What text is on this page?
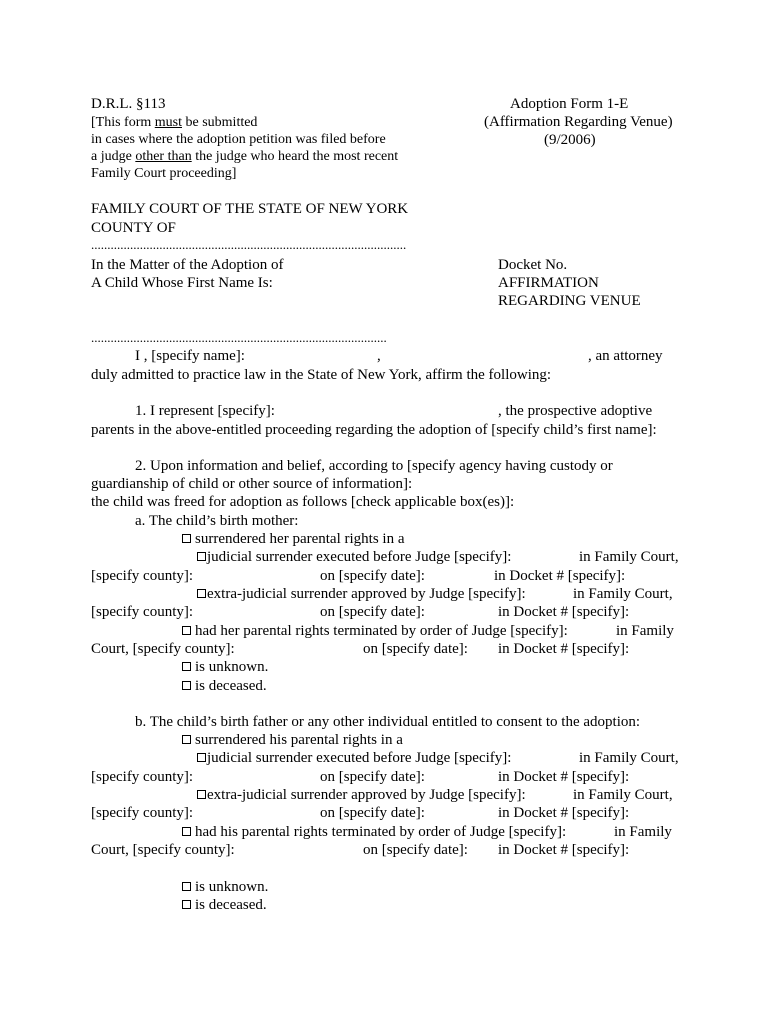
D.R.L. §113
[This form must be submitted
in cases where the adoption petition was filed before
a judge other than the judge who heard the most recent
Family Court proceeding]
Adoption Form 1-E
(Affirmation Regarding Venue)
(9/2006)
FAMILY COURT OF THE STATE OF NEW YORK
COUNTY OF
.................................................................................................
In the Matter of the Adoption of
A Child Whose First Name Is:
Docket No.
AFFIRMATION
REGARDING VENUE
...........................................................................................
I , [specify name]:	,	, an attorney
duly admitted to practice law in the State of New York, affirm the following:
1. I represent [specify]:	, the prospective adoptive
parents in the above-entitled proceeding regarding the adoption of [specify child’s first name]:
2. Upon information and belief, according to [specify agency having custody or
guardianship of child or other source of information]:
the child was freed for adoption as follows [check applicable box(es)]:
a. The child’s birth mother:
surrendered her parental rights in a
judicial surrender executed before Judge [specify]:	in Family Court,
[specify county]:	on [specify date]:	in Docket # [specify]:
extra-judicial surrender approved by Judge [specify]:	in Family Court,
[specify county]:	on [specify date]:	in Docket # [specify]:
had her parental rights terminated by order of Judge [specify]:	in Family
Court, [specify county]:	on [specify date]: in Docket # [specify]:
is unknown.
is deceased.
b. The child’s birth father or any other individual entitled to consent to the adoption:
surrendered his parental rights in a
judicial surrender executed before Judge [specify]:	in Family Court,
[specify county]:	on [specify date]:	in Docket # [specify]:
extra-judicial surrender approved by Judge [specify]:	in Family Court,
[specify county]:	on [specify date]:	in Docket # [specify]:
had his parental rights terminated by order of Judge [specify]:	in Family
Court, [specify county]:	on [specify date]: in Docket # [specify]:
is unknown.
is deceased.
